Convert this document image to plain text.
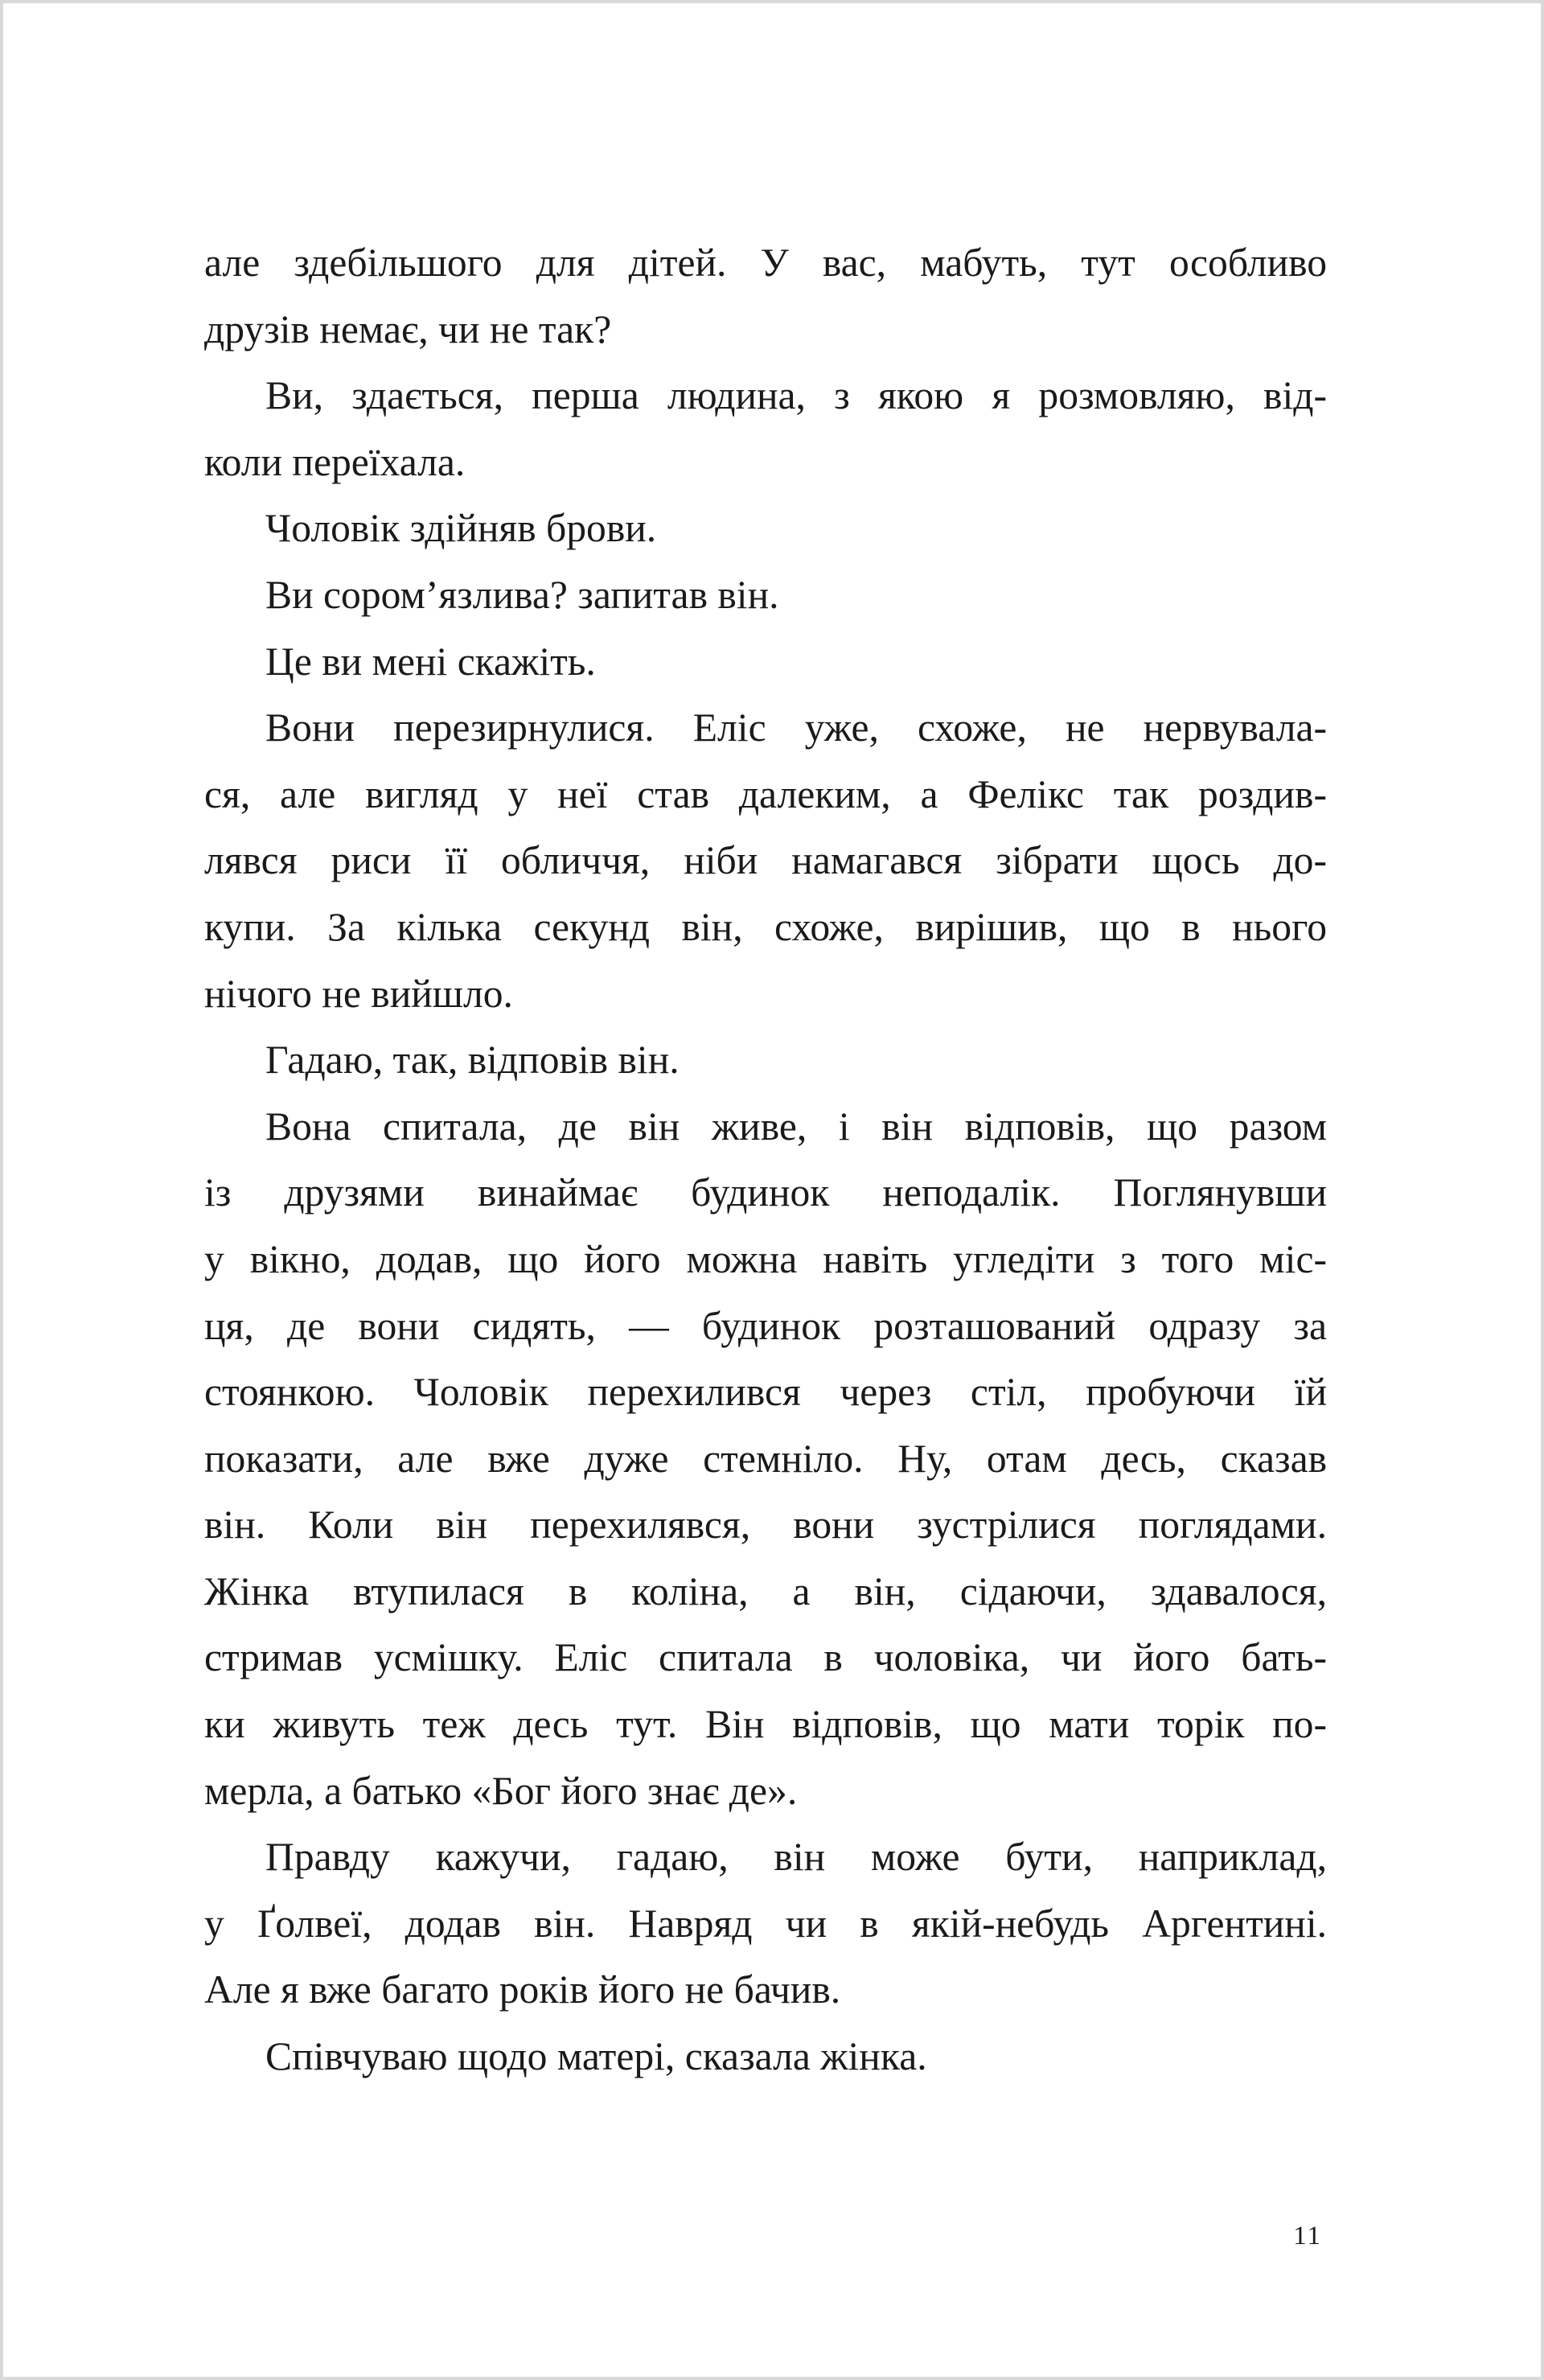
але здебільшого для дітей. У вас, мабуть, тут особливо
друзів немає, чи не так?
Ви, здається, перша людина, з якою я розмовляю, від-
коли переїхала.
Чоловік здійняв брови.
Ви сором’язлива? запитав він.
Це ви мені скажіть.
Вони перезирнулися. Еліс уже, схоже, не нервувала-
ся, але вигляд у неї став далеким, а Фелікс так роздив-
лявся риси її обличчя, ніби намагався зібрати щось до-
купи. За кілька секунд він, схоже, вирішив, що в нього
нічого не вийшло.
Гадаю, так, відповів він.
Вона спитала, де він живе, і він відповів, що разом
із друзями винаймає будинок неподалік. Поглянувши
у вікно, додав, що його можна навіть угледіти з того міс-
ця, де вони сидять, — будинок розташований одразу за
стоянкою. Чоловік перехилився через стіл, пробуючи їй
показати, але вже дуже стемніло. Ну, отам десь, сказав
він. Коли він перехилявся, вони зустрілися поглядами.
Жінка втупилася в коліна, а він, сідаючи, здавалося,
стримав усмішку. Еліс спитала в чоловіка, чи його бать-
ки живуть теж десь тут. Він відповів, що мати торік по-
мерла, а батько «Бог його знає де».
Правду кажучи, гадаю, він може бути, наприклад,
у Ґолвеї, додав він. Навряд чи в якій-небудь Аргентині.
Але я вже багато років його не бачив.
Співчуваю щодо матері, сказала жінка.
11
